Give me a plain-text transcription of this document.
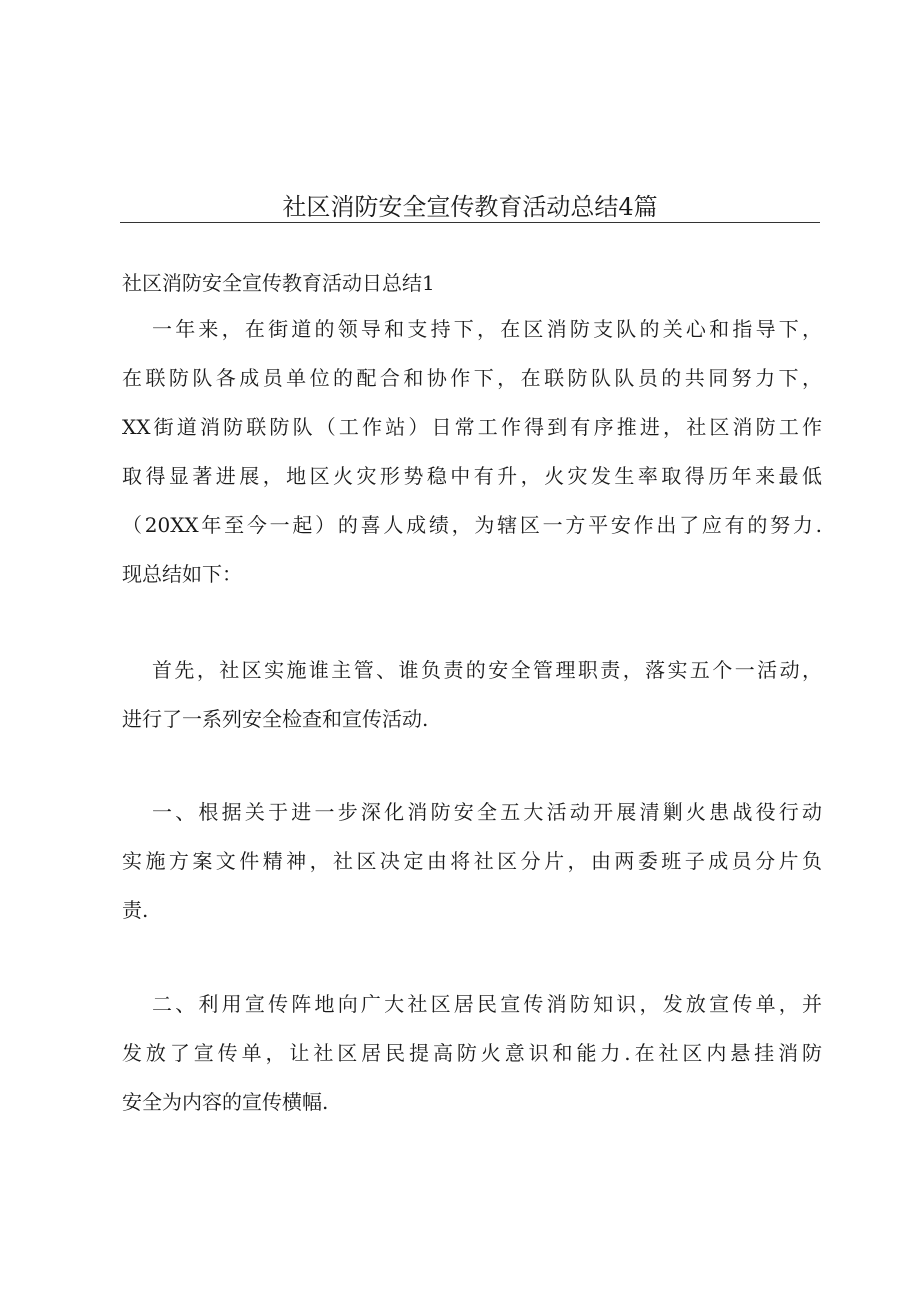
社区消防安全宣传教育活动总结4篇
社区消防安全宣传教育活动日总结1
一年来，在街道的领导和支持下，在区消防支队的关心和指导下，
在联防队各成员单位的配合和协作下，在联防队队员的共同努力下，
XX街道消防联防队（工作站）日常工作得到有序推进，社区消防工作
取得显著进展，地区火灾形势稳中有升，火灾发生率取得历年来最低
（20XX年至今一起）的喜人成绩，为辖区一方平安作出了应有的努力.
现总结如下：
首先，社区实施谁主管、谁负责的安全管理职责，落实五个一活动，
进行了一系列安全检查和宣传活动.
一、根据关于进一步深化消防安全五大活动开展清剿火患战役行动
实施方案文件精神，社区决定由将社区分片，由两委班子成员分片负
责.
二、利用宣传阵地向广大社区居民宣传消防知识，发放宣传单，并
发放了宣传单，让社区居民提高防火意识和能力.在社区内悬挂消防
安全为内容的宣传横幅.
